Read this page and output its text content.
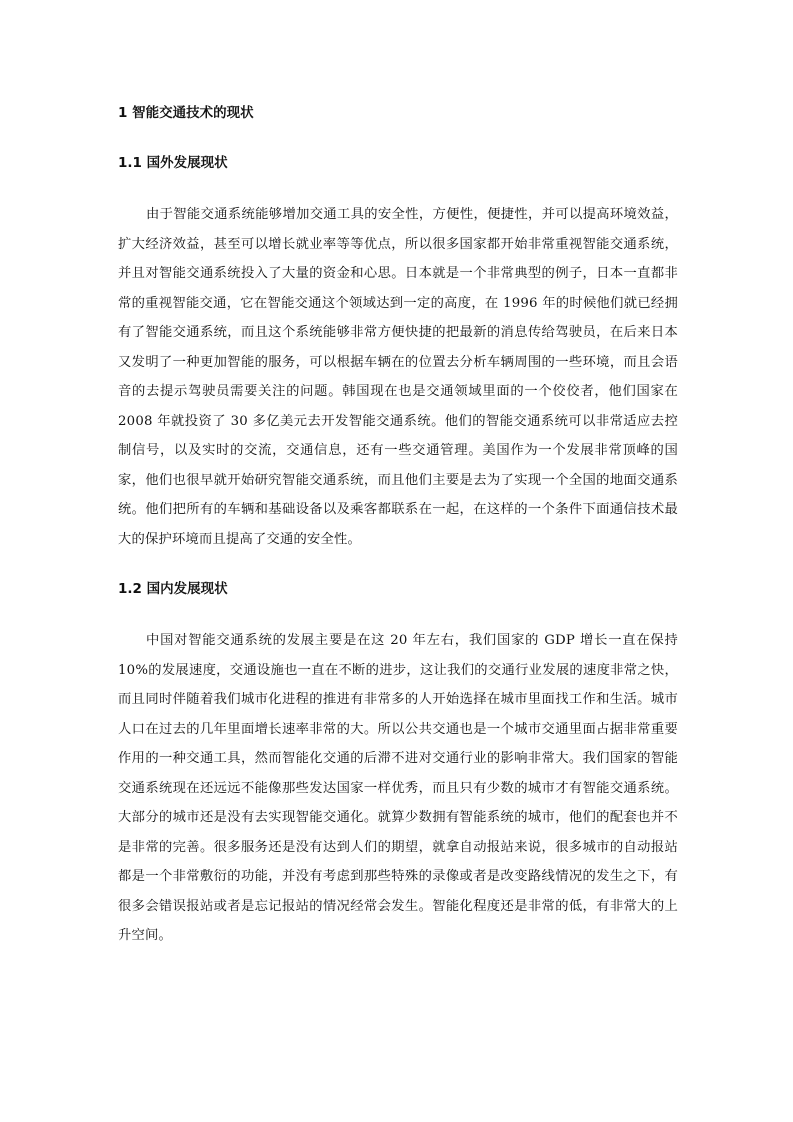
1 智能交通技术的现状
1.1 国外发展现状

由于智能交通系统能够增加交通工具的安全性，方便性，便捷性，并可以提高环境效益，扩大经济效益，甚至可以增长就业率等等优点，所以很多国家都开始非常重视智能交通系统，并且对智能交通系统投入了大量的资金和心思。日本就是一个非常典型的例子，日本一直都非常的重视智能交通，它在智能交通这个领域达到一定的高度，在 1996 年的时候他们就已经拥有了智能交通系统，而且这个系统能够非常方便快捷的把最新的消息传给驾驶员，在后来日本又发明了一种更加智能的服务，可以根据车辆在的位置去分析车辆周围的一些环境，而且会语音的去提示驾驶员需要关注的问题。韩国现在也是交通领域里面的一个佼佼者，他们国家在 2008 年就投资了 30 多亿美元去开发智能交通系统。他们的智能交通系统可以非常适应去控制信号，以及实时的交流，交通信息，还有一些交通管理。美国作为一个发展非常顶峰的国家，他们也很早就开始研究智能交通系统，而且他们主要是去为了实现一个全国的地面交通系统。他们把所有的车辆和基础设备以及乘客都联系在一起，在这样的一个条件下面通信技术最大的保护环境而且提高了交通的安全性。

1.2 国内发展现状

中国对智能交通系统的发展主要是在这 20 年左右，我们国家的 GDP 增长一直在保持 10%的发展速度，交通设施也一直在不断的进步，这让我们的交通行业发展的速度非常之快，而且同时伴随着我们城市化进程的推进有非常多的人开始选择在城市里面找工作和生活。城市人口在过去的几年里面增长速率非常的大。所以公共交通也是一个城市交通里面占据非常重要作用的一种交通工具，然而智能化交通的后滞不进对交通行业的影响非常大。我们国家的智能交通系统现在还远远不能像那些发达国家一样优秀，而且只有少数的城市才有智能交通系统。大部分的城市还是没有去实现智能交通化。就算少数拥有智能系统的城市，他们的配套也并不是非常的完善。很多服务还是没有达到人们的期望，就拿自动报站来说，很多城市的自动报站都是一个非常敷衍的功能，并没有考虑到那些特殊的录像或者是改变路线情况的发生之下，有很多会错误报站或者是忘记报站的情况经常会发生。智能化程度还是非常的低，有非常大的上升空间。
